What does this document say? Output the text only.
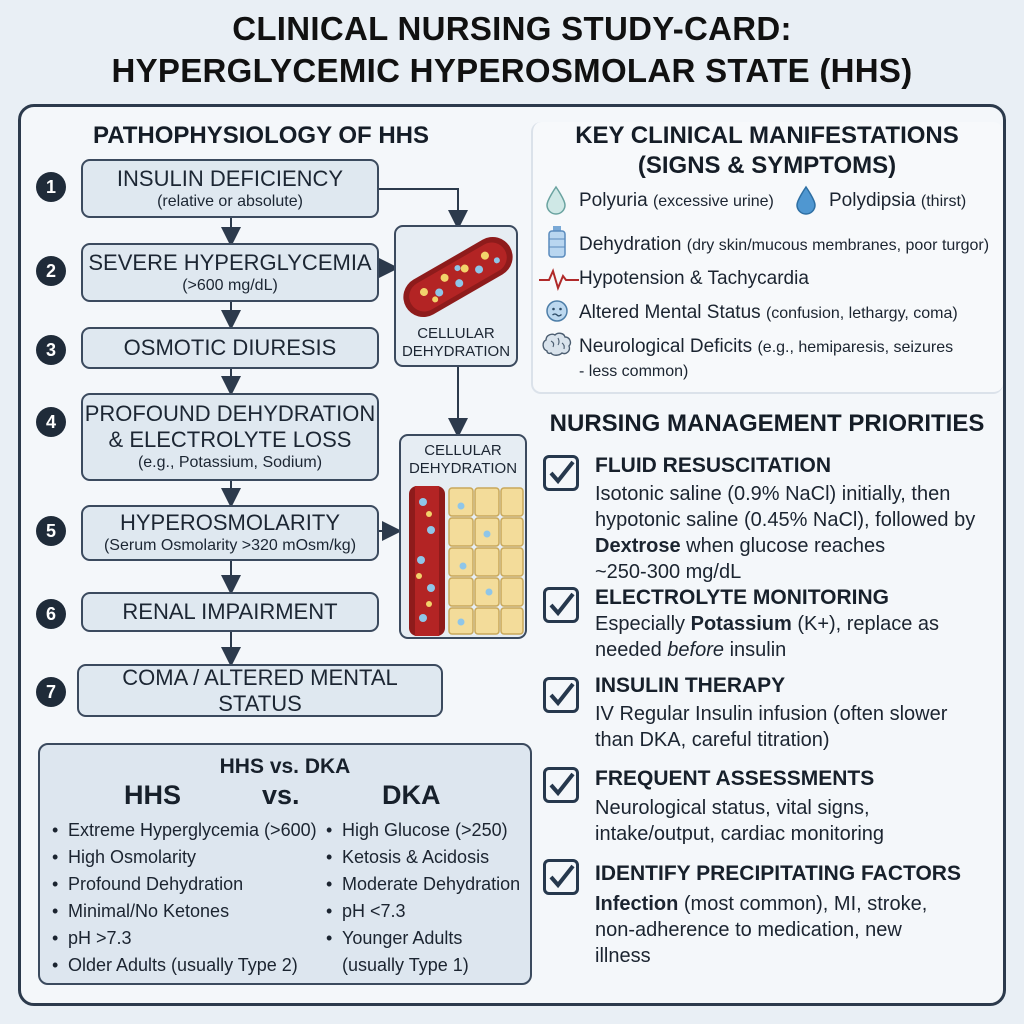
CLINICAL NURSING STUDY-CARD:
HYPERGLYCEMIC HYPEROSMOLAR STATE (HHS)
PATHOPHYSIOLOGY OF HHS
1	INSULIN DEFICIENCY
(relative or absolute)
2	SEVERE HYPERGLYCEMIA
(>600 mg/dL)
3	OSMOTIC DIURESIS
4	PROFOUND DEHYDRATION
& ELECTROLYTE LOSS
(e.g., Potassium, Sodium)
5	HYPEROSMOLARITY
(Serum Osmolarity >320 mOsm/kg)
6	RENAL IMPAIRMENT
7
COMA / ALTERED MENTAL STATUS
CELLULAR
DEHYDRATION
CELLULAR
DEHYDRATION
KEY CLINICAL MANIFESTATIONS
(SIGNS & SYMPTOMS)
Polyuria (excessive urine)	Polydipsia (thirst)
Dehydration (dry skin/mucous membranes, poor turgor)
Hypotension & Tachycardia
Altered Mental Status (confusion, lethargy, coma)
Neurological Deficits (e.g., hemiparesis, seizures
- less common)
NURSING MANAGEMENT PRIORITIES
FLUID RESUSCITATION
Isotonic saline (0.9% NaCl) initially, then
hypotonic saline (0.45% NaCl), followed by
Dextrose when glucose reaches
~250-300 mg/dL
ELECTROLYTE MONITORING
Especially Potassium (K+), replace as
needed before insulin
INSULIN THERAPY
IV Regular Insulin infusion (often slower
than DKA, careful titration)
FREQUENT ASSESSMENTS
Neurological status, vital signs,
intake/output, cardiac monitoring
IDENTIFY PRECIPITATING FACTORS
Infection (most common), MI, stroke,
non-adherence to medication, new
illness
HHS vs. DKA
HHS	vs.	DKA
• Extreme Hyperglycemia (>600)
• High Osmolarity
• Profound Dehydration
• Minimal/No Ketones
• pH >7.3
• Older Adults (usually Type 2)
• High Glucose (>250)
• Ketosis & Acidosis
• Moderate Dehydration
• pH <7.3
• Younger Adults
(usually Type 1)
